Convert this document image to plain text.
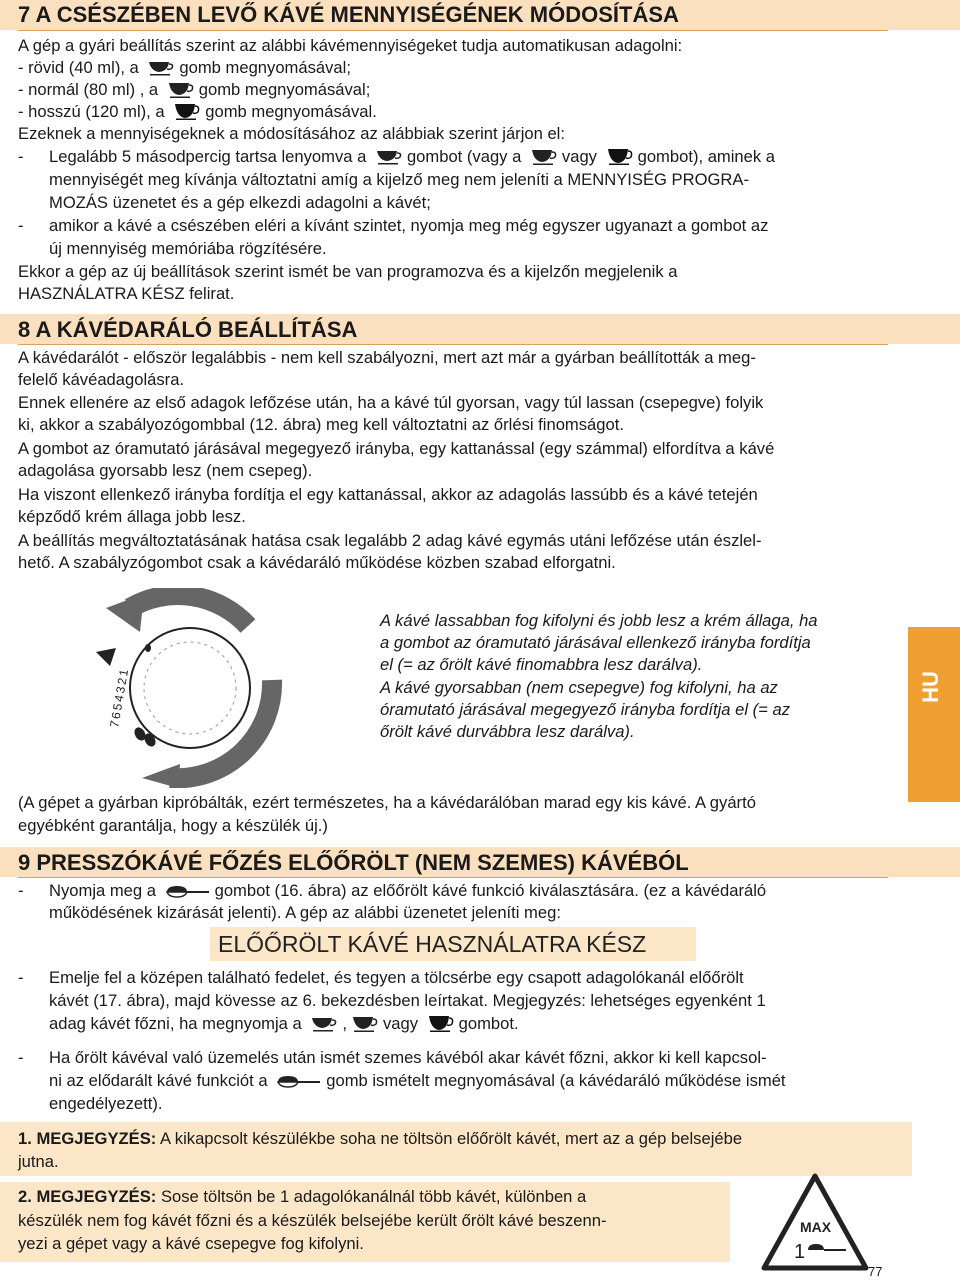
7 A CSÉSZÉBEN LEVŐ KÁVÉ MENNYISÉGÉNEK MÓDOSÍTÁSA
A gép a gyári beállítás szerint az alábbi kávémennyiségeket tudja automatikusan adagolni:
- rövid (40 ml), a gomb megnyomásával;
- normál (80 ml) , a gomb megnyomásával;
- hosszú (120 ml), a gomb megnyomásával.
Ezeknek a mennyiségeknek a módosításához az alábbiak szerint járjon el:
- Legalább 5 másodpercig tartsa lenyomva a gombot (vagy a vagy gombot), aminek a
mennyiségét meg kívánja változtatni amíg a kijelző meg nem jeleníti a MENNYISÉG PROGRA-
MOZÁS üzenetet és a gép elkezdi adagolni a kávét;
- amikor a kávé a csészében eléri a kívánt szintet, nyomja meg még egyszer ugyanazt a gombot az
új mennyiség memóriába rögzítésére.
Ekkor a gép az új beállítások szerint ismét be van programozva és a kijelzőn megjelenik a
HASZNÁLATRA KÉSZ felirat.
8 A KÁVÉDARÁLÓ BEÁLLÍTÁSA
A kávédarálót - először legalábbis - nem kell szabályozni, mert azt már a gyárban beállították a meg-
felelő kávéadagolásra.
Ennek ellenére az első adagok lefőzése után, ha a kávé túl gyorsan, vagy túl lassan (csepegve) folyik
ki, akkor a szabályozógombbal (12. ábra) meg kell változtatni az őrlési finomságot.
A gombot az óramutató járásával megegyező irányba, egy kattanással (egy számmal) elfordítva a kávé
adagolása gyorsabb lesz (nem csepeg).
Ha viszont ellenkező irányba fordítja el egy kattanással, akkor az adagolás lassúbb és a kávé tetején
képződő krém állaga jobb lesz.
A beállítás megváltoztatásának hatása csak legalább 2 adag kávé egymás utáni lefőzése után észlel-
hető. A szabályzógombot csak a kávédaráló működése közben szabad elforgatni.
7654321
A kávé lassabban fog kifolyni és jobb lesz a krém állaga, ha
a gombot az óramutató járásával ellenkező irányba fordítja
el (= az őrölt kávé finomabbra lesz darálva).
A kávé gyorsabban (nem csepegve) fog kifolyni, ha az
óramutató járásával megegyező irányba fordítja el (= az
őrölt kávé durvábbra lesz darálva).
HU
(A gépet a gyárban kipróbálták, ezért természetes, ha a kávédarálóban marad egy kis kávé. A gyártó
egyébként garantálja, hogy a készülék új.)
9 PRESSZÓKÁVÉ FŐZÉS ELŐŐRÖLT (NEM SZEMES) KÁVÉBÓL
- Nyomja meg a	gombot (16. ábra) az előőrölt kávé funkció kiválasztására. (ez a kávédaráló
működésének kizárását jelenti). A gép az alábbi üzenetet jeleníti meg:
ELŐŐRÖLT KÁVÉ HASZNÁLATRA KÉSZ
- Emelje fel a középen található fedelet, és tegyen a tölcsérbe egy csapott adagolókanál előőrölt
kávét (17. ábra), majd kövesse az 6. bekezdésben leírtakat. Megjegyzés: lehetséges egyenként 1
adag kávét főzni, ha megnyomja a , vagy gombot.
- Ha őrölt kávéval való üzemelés után ismét szemes kávéból akar kávét főzni, akkor ki kell kapcsol-
ni az elődarált kávé funkciót a	gomb ismételt megnyomásával (a kávédaráló működése ismét
engedélyezett).
1. MEGJEGYZÉS: A kikapcsolt készülékbe soha ne töltsön előőrölt kávét, mert az a gép belsejébe
jutna.
2. MEGJEGYZÉS: Sose töltsön be 1 adagolókanálnál több kávét, különben a
készülék nem fog kávét főzni és a készülék belsejébe került őrölt kávé beszenn-
yezi a gépet vagy a kávé csepegve fog kifolyni.
MAX
1
77
